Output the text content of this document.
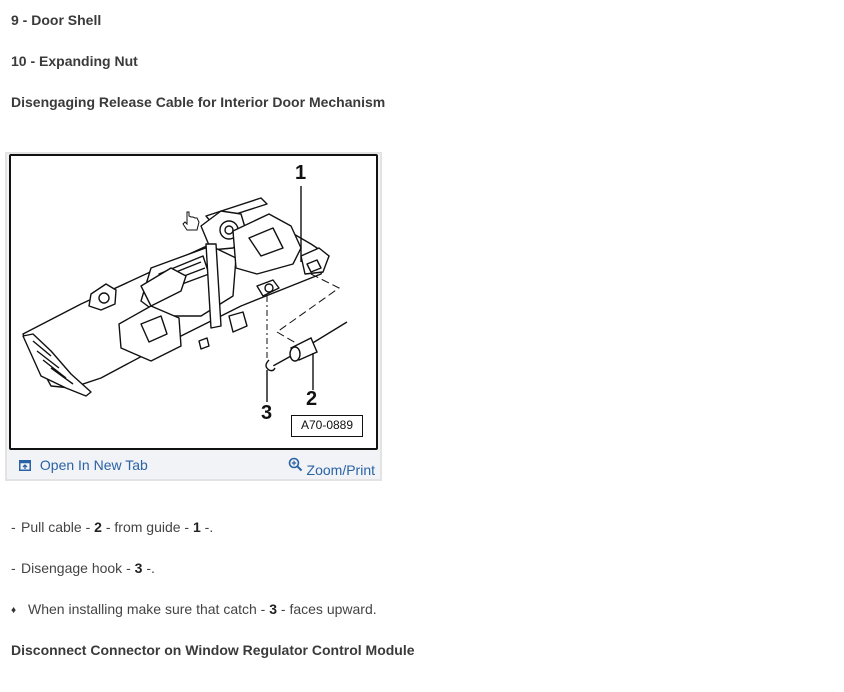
9 - Door Shell
10 - Expanding Nut
Disengaging Release Cable for Interior Door Mechanism
1
2
3
A70-0889
Open In New Tab	Zoom/Print
- Pull cable - 2 - from guide - 1 -.
- Disengage hook - 3 -.
♦ When installing make sure that catch - 3 - faces upward.
Disconnect Connector on Window Regulator Control Module
